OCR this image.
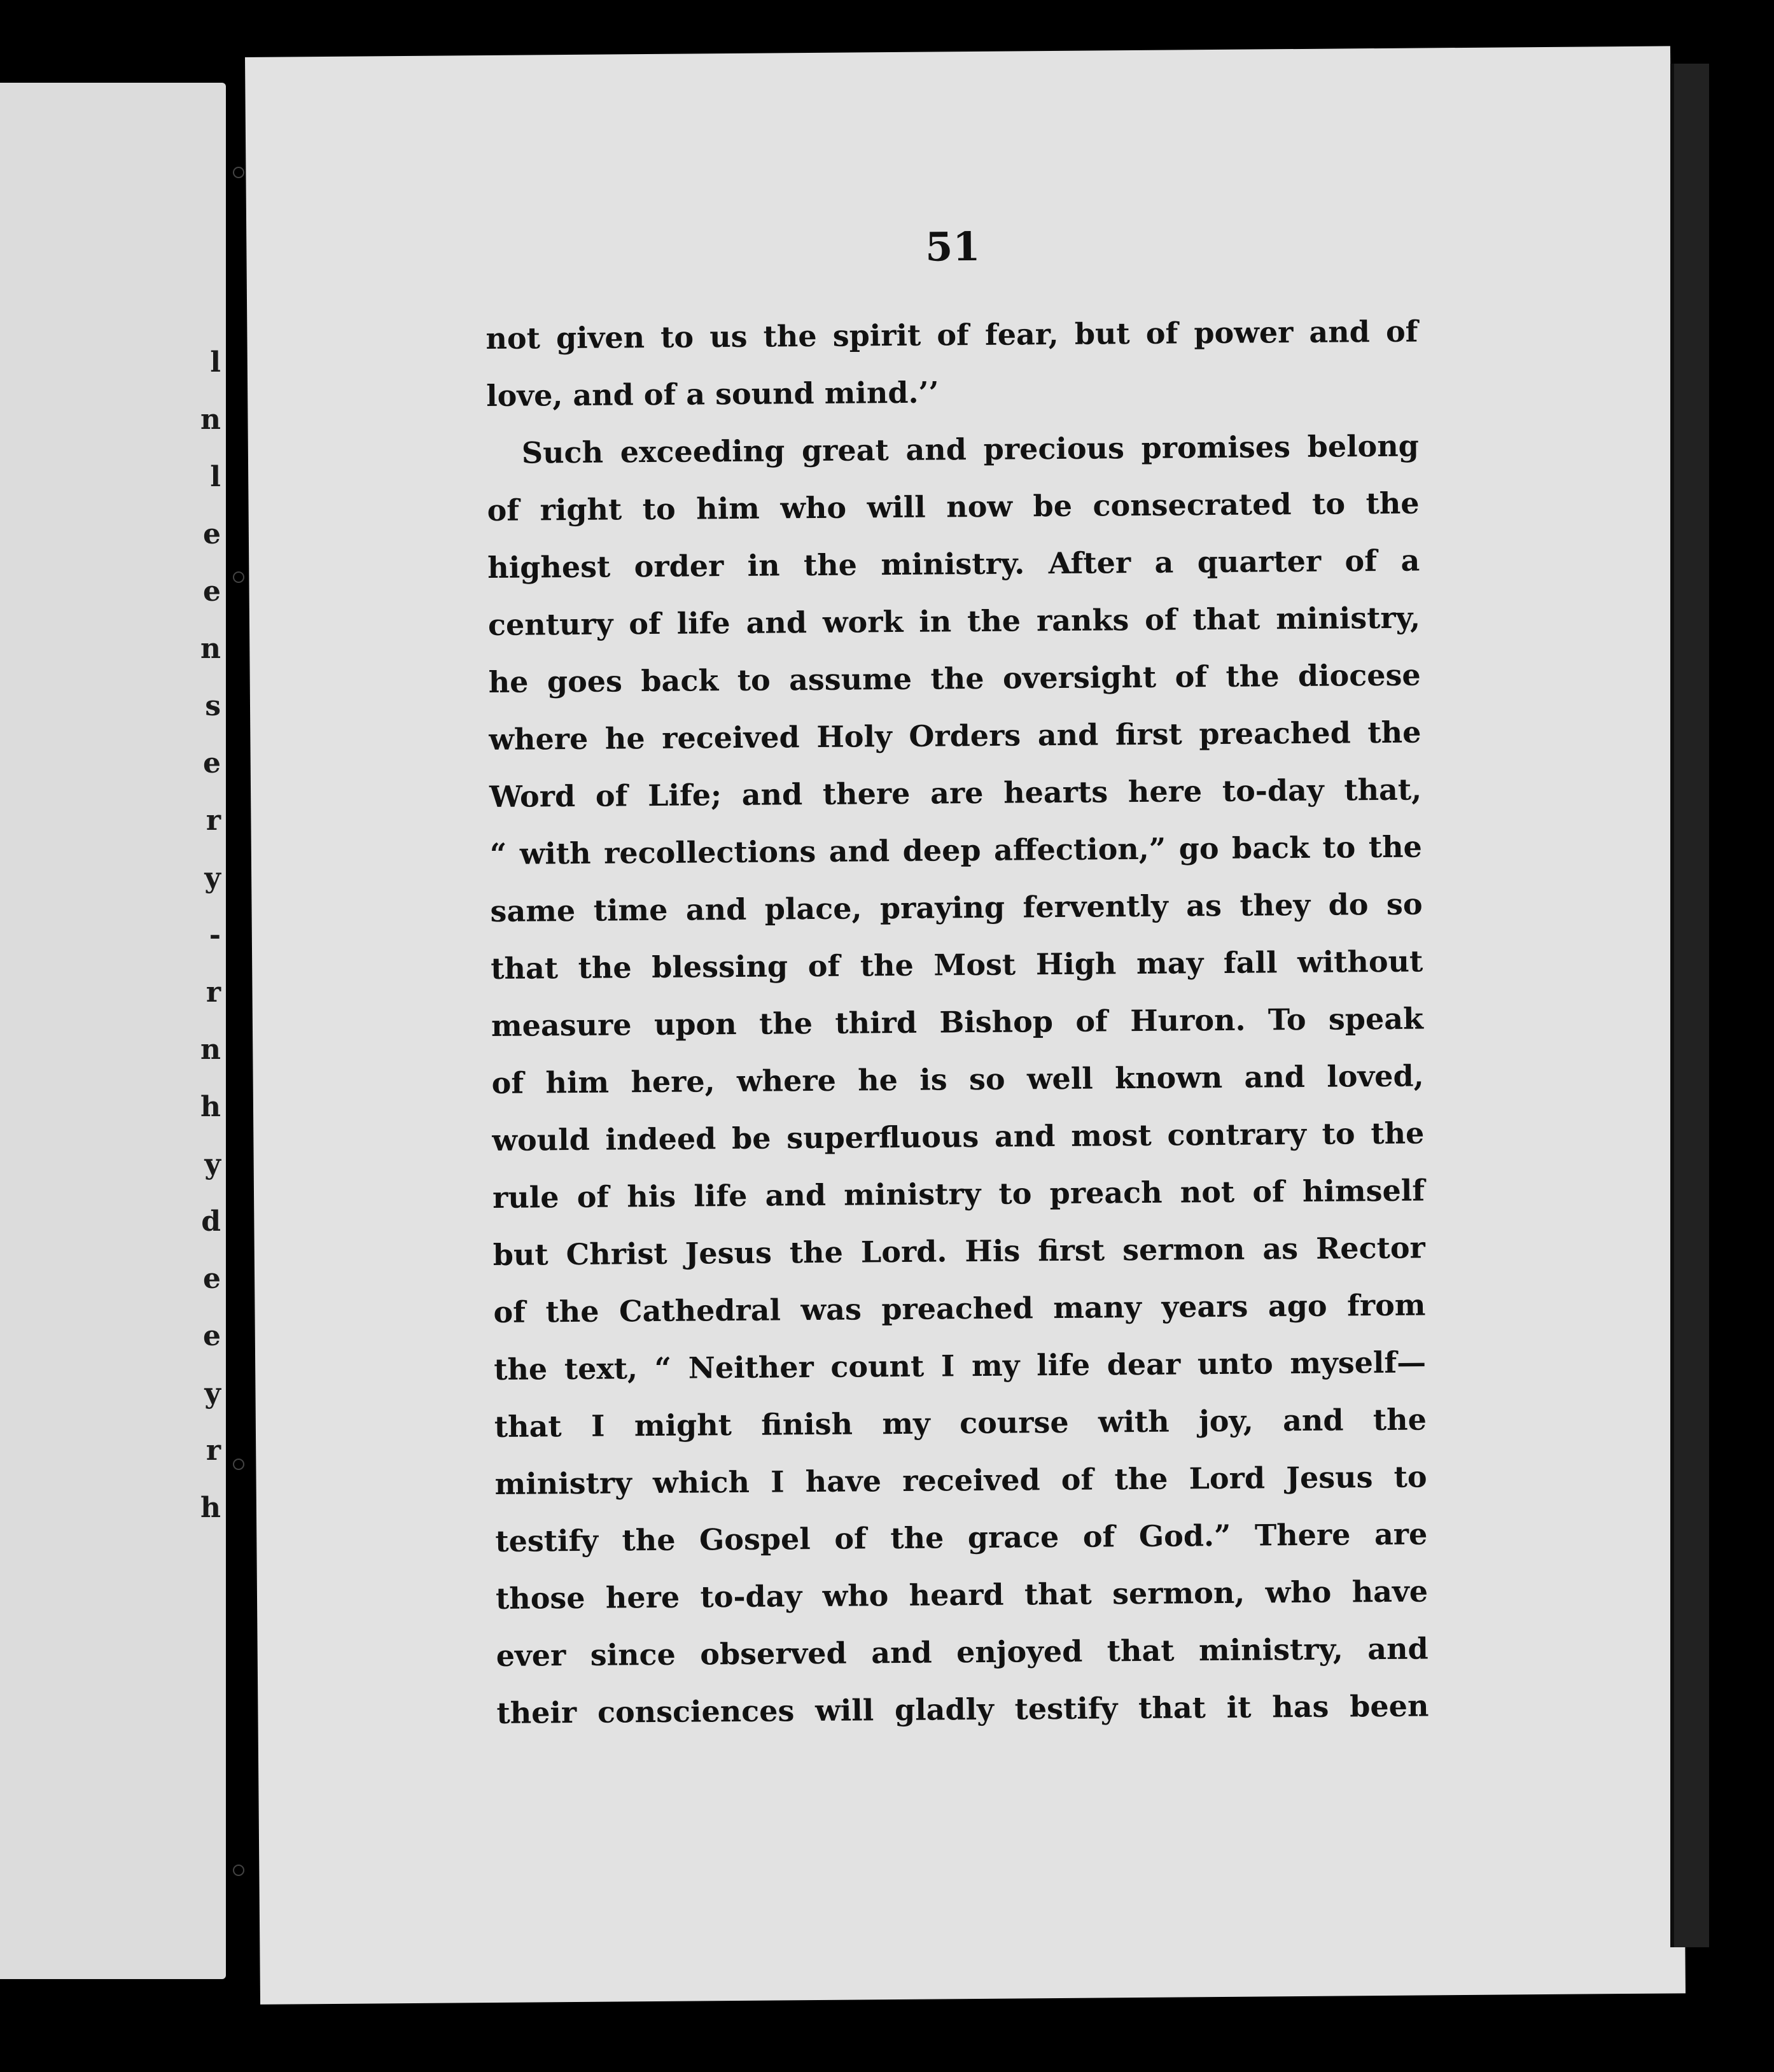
l
n
l
e
e
n
s
e
r
y
-
r
n
h
y
d
e
e
y
r
h
51
not given to us the spirit of fear, but of power and of
love, and of a sound mind.’’
Such exceeding great and precious promises belong
of right to him who will now be consecrated to the
highest order in the ministry. After a quarter of a
century of life and work in the ranks of that ministry,
he goes back to assume the oversight of the diocese
where he received Holy Orders and first preached the
Word of Life; and there are hearts here to-day that,
“ with recollections and deep affection,” go back to the
same time and place, praying fervently as they do so
that the blessing of the Most High may fall without
measure upon the third Bishop of Huron. To speak
of him here, where he is so well known and loved,
would indeed be superfluous and most contrary to the
rule of his life and ministry to preach not of himself
but Christ Jesus the Lord. His first sermon as Rector
of the Cathedral was preached many years ago from
the text, “ Neither count I my life dear unto myself—
that I might finish my course with joy, and the
ministry which I have received of the Lord Jesus to
testify the Gospel of the grace of God.” There are
those here to-day who heard that sermon, who have
ever since observed and enjoyed that ministry, and
their consciences will gladly testify that it has been
